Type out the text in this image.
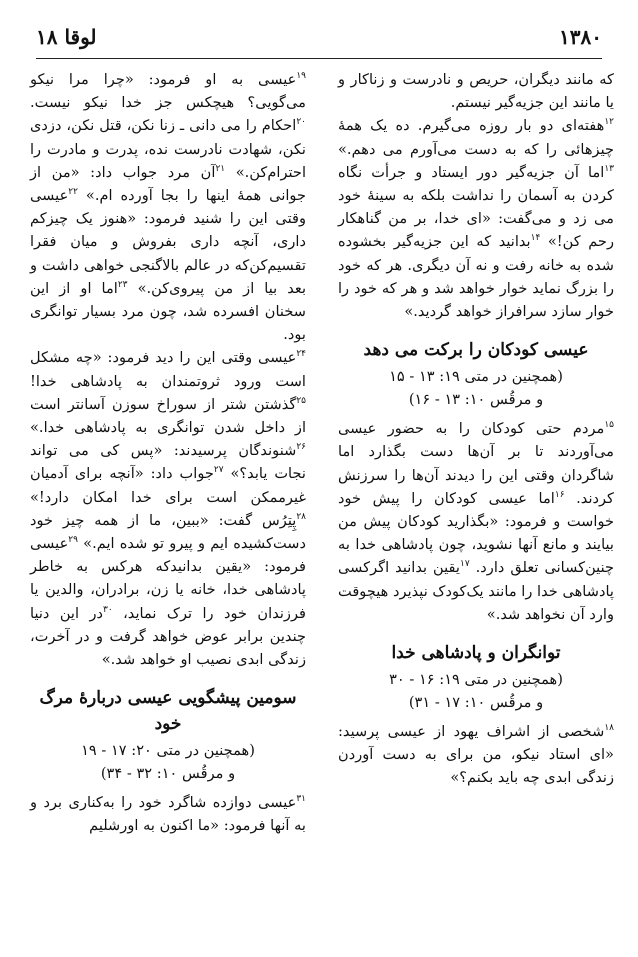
۱۳۸۰
لوقا ۱۸

که مانند دیگران، حریص و نادرست و زناکار و یا مانند این جزیه‌گیر نیستم.

$^{۱۲}$هفته‌ای دو بار روزه می‌گیرم. ده یک همهٔ چیزهائی را که به دست می‌آورم می دهم.» $^{۱۳}$اما آن جزیه‌گیر دور ایستاد و جرأت نگاه کردن به آسمان را نداشت بلکه به سینهٔ خود می زد و می‌گفت: «ای خدا، بر من گناهکار رحم کن!» $^{۱۴}$بدانید که این جزیه‌گیر بخشوده شده به خانه رفت و نه آن دیگری. هر که خود را بزرگ نماید خوار خواهد شد و هر که خود را خوار سازد سرافراز خواهد گردید.»

عیسی کودکان را برکت می دهد
(همچنین در متی ۱۹: ۱۳ - ۱۵
و مرقُس ۱۰: ۱۳ - ۱۶)

$^{۱۵}$مردم حتی کودکان را به حضور عیسی می‌آوردند تا بر آن‌ها دست بگذارد اما شاگردان وقتی این را دیدند آن‌ها را سرزنش کردند. $^{۱۶}$اما عیسی کودکان را پیش خود خواست و فرمود: «بگذارید کودکان پیش من بیایند و مانع آنها نشوید، چون پادشاهی خدا به چنین‌کسانی تعلق دارد. $^{۱۷}$یقین بدانید اگرکسی پادشاهی خدا را مانند یک‌کودک نپذیرد هیچوقت وارد آن نخواهد شد.»

توانگران و پادشاهی خدا
(همچنین در متی ۱۹: ۱۶ - ۳۰
و مرقُس ۱۰: ۱۷ - ۳۱)

$^{۱۸}$شخصی از اشراف یهود از عیسی پرسید: «ای استاد نیکو، من برای به دست آوردن زندگی ابدی چه باید بکنم؟»

$^{۱۹}$عیسی به او فرمود: «چرا مرا نیکو می‌گویی؟ هیچکس جز خدا نیکو نیست. $^{۲۰}$احکام را می دانی ـ زنا نکن، قتل نکن، دزدی نکن، شهادت نادرست نده، پدرت و مادرت را احترام‌کن.» $^{۲۱}$آن مرد جواب داد: «من از جوانی همهٔ اینها را بجا آورده ام.» $^{۲۲}$عیسی وقتی این را شنید فرمود: «هنوز یک چیزکم داری، آنچه داری بفروش و میان فقرا تقسیم‌کن‌که در عالم بالاگنجی خواهی داشت و بعد بیا از من پیروی‌کن.» $^{۲۳}$اما او از این سخنان افسرده شد، چون مرد بسیار توانگری بود.

$^{۲۴}$عیسی وقتی این را دید فرمود: «چه مشکل است ورود ثروتمندان به پادشاهی خدا! $^{۲۵}$گذشتن شتر از سوراخ سوزن آسانتر است از داخل شدن توانگری به پادشاهی خدا.» $^{۲۶}$شنوندگان پرسیدند: «پس کی می تواند نجات یابد؟» $^{۲۷}$جواب داد: «آنچه برای آدمیان غیرممکن است برای خدا امکان دارد!» $^{۲۸}$پِتِرُس گفت: «ببین، ما از همه چیز خود دست‌کشیده ایم و پیرو تو شده ایم.» $^{۲۹}$عیسی فرمود: «یقین بدانیدکه هرکس به خاطر پادشاهی خدا، خانه یا زن، برادران، والدین یا فرزندان خود را ترک نماید، $^{۳۰}$در این دنیا چندین برابر عوض خواهد گرفت و در آخرت، زندگی ابدی نصیب او خواهد شد.»

سومین پیشگویی عیسی دربارهٔ مرگ خود
(همچنین در متی ۲۰: ۱۷ - ۱۹
و مرقُس ۱۰: ۳۲ - ۳۴)

$^{۳۱}$عیسی دوازده شاگرد خود را به‌کناری برد و به آنها فرمود: «ما اکنون به اورشلیم
